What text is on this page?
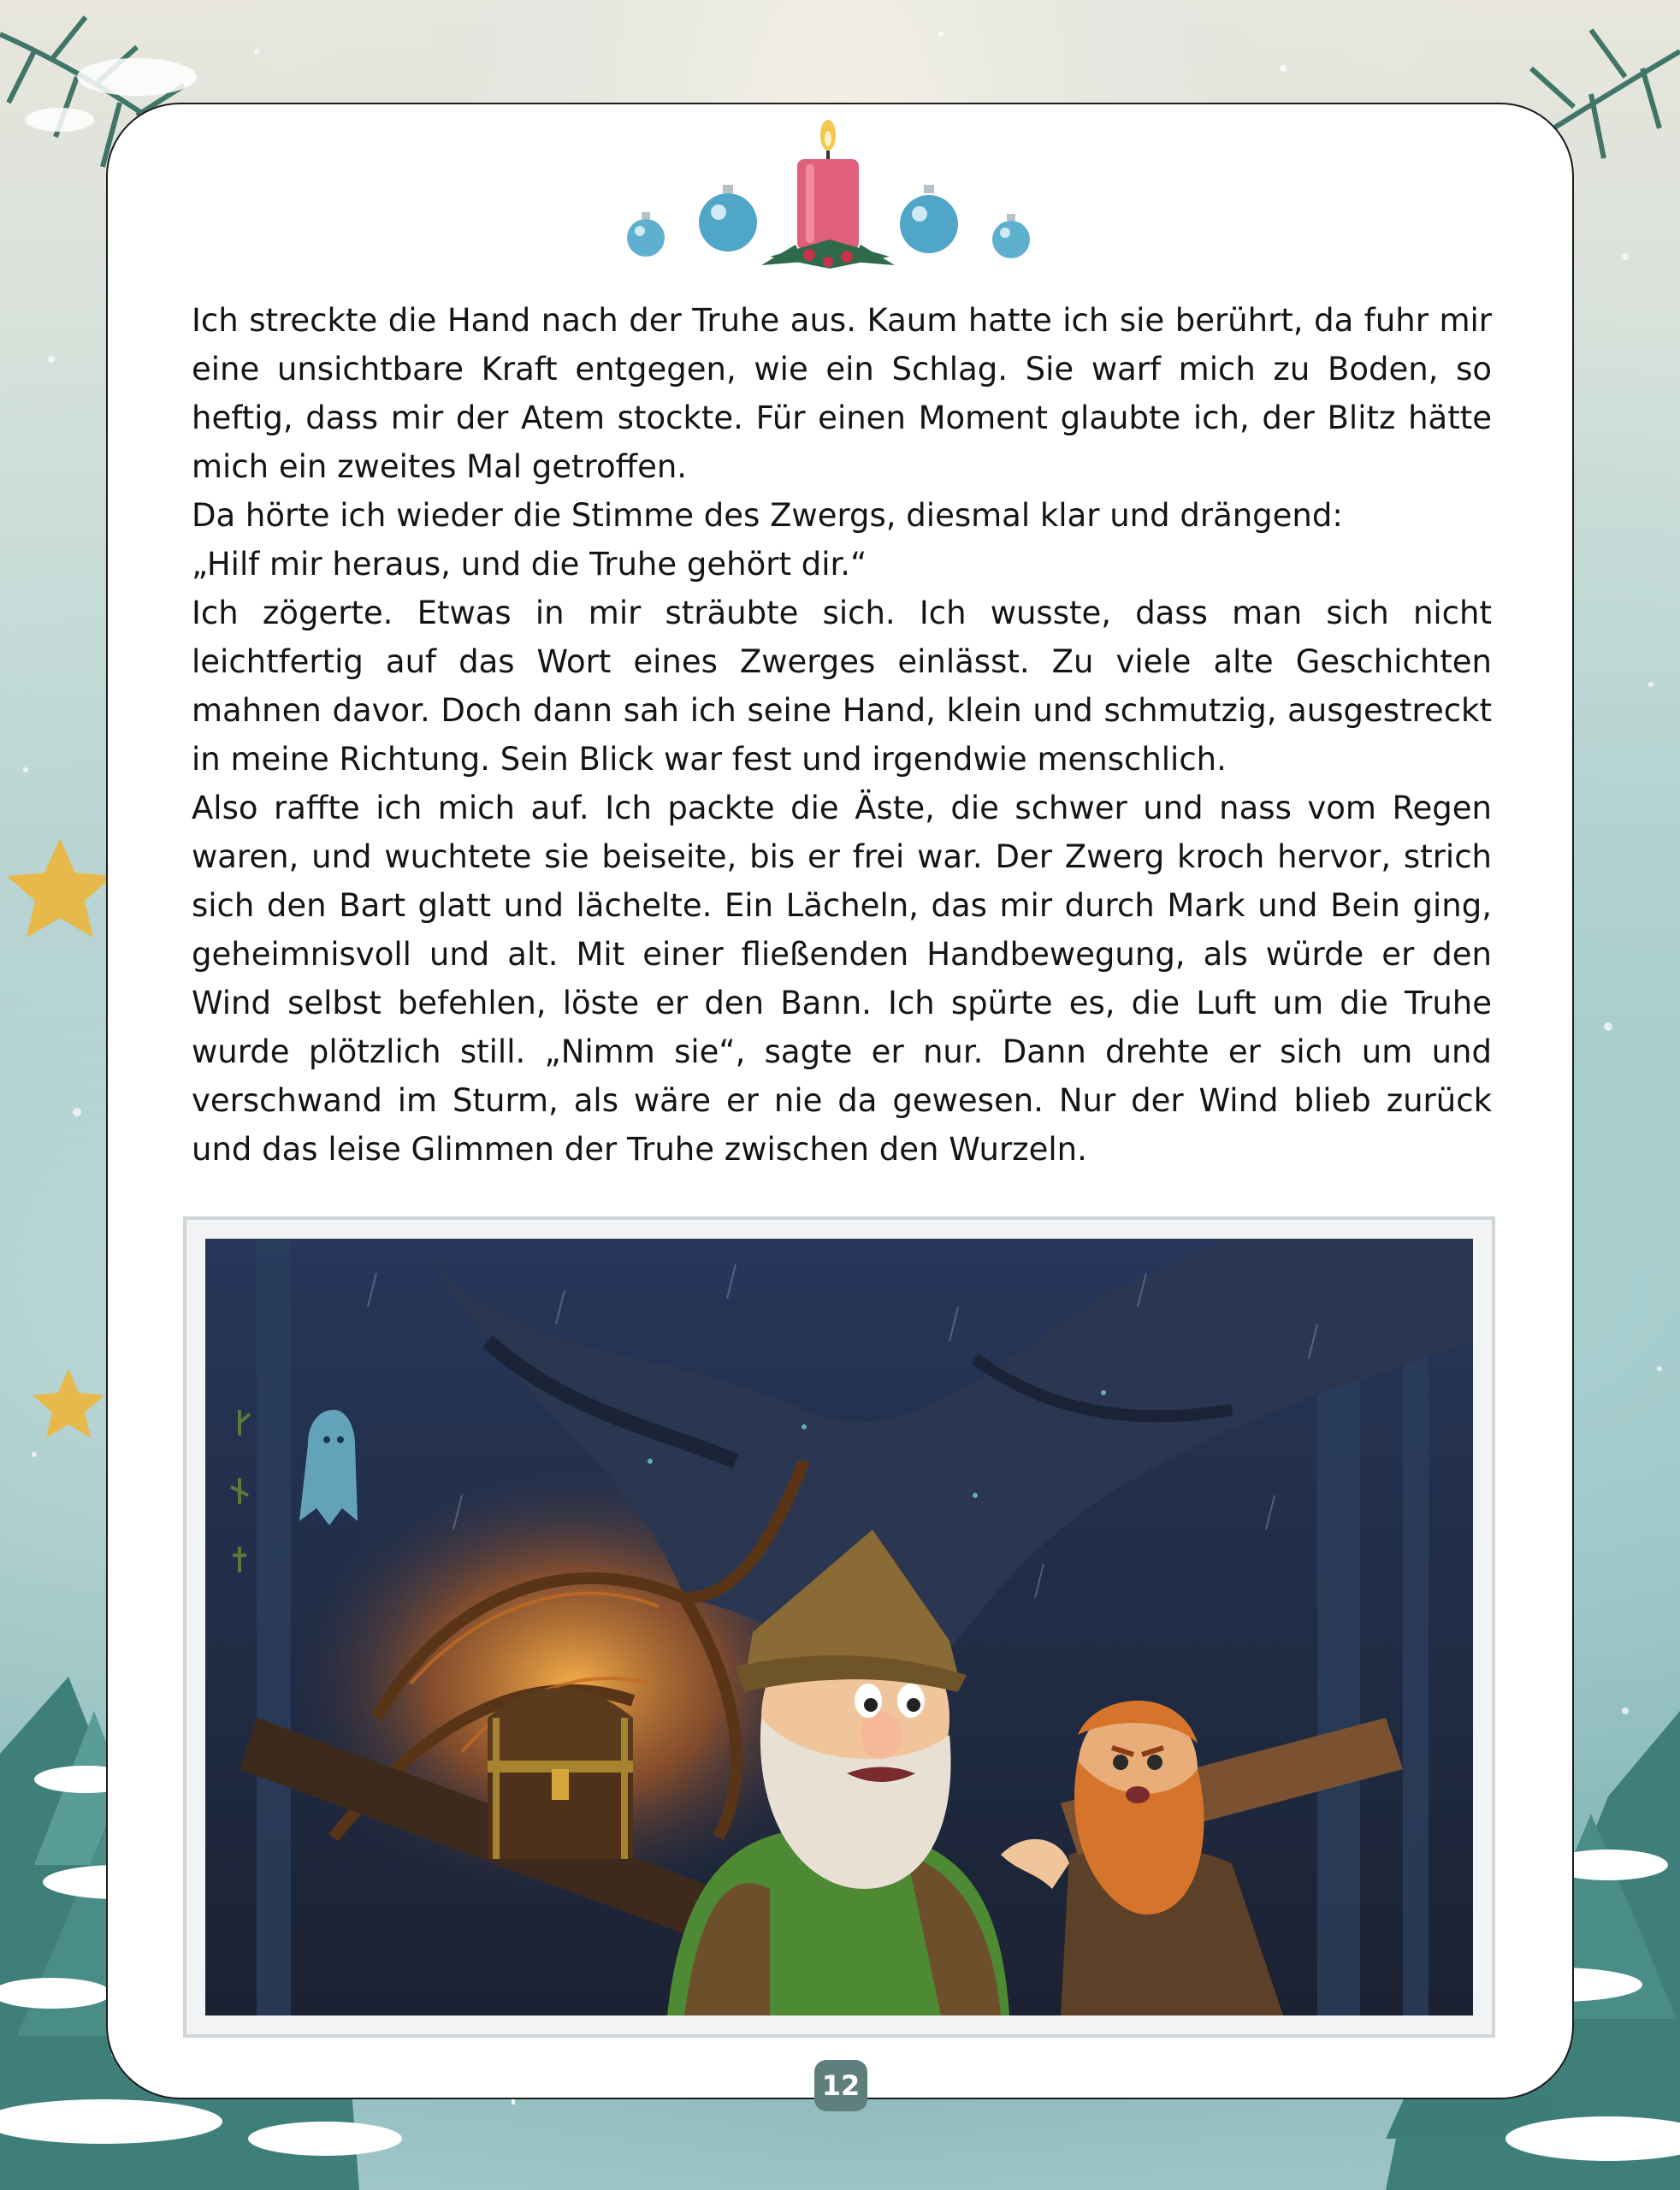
Ich streckte die Hand nach der Truhe aus. Kaum hatte ich sie berührt, da fuhr mir eine unsichtbare Kraft entgegen, wie ein Schlag. Sie warf mich zu Boden, so heftig, dass mir der Atem stockte. Für einen Moment glaubte ich, der Blitz hätte mich ein zweites Mal getroffen.

Da hörte ich wieder die Stimme des Zwergs, diesmal klar und drängend:

„Hilf mir heraus, und die Truhe gehört dir.“

Ich zögerte. Etwas in mir sträubte sich. Ich wusste, dass man sich nicht leichtfertig auf das Wort eines Zwerges einlässt. Zu viele alte Geschichten mahnen davor. Doch dann sah ich seine Hand, klein und schmutzig, ausgestreckt in meine Richtung. Sein Blick war fest und irgendwie menschlich.

Also raffte ich mich auf. Ich packte die Äste, die schwer und nass vom Regen waren, und wuchtete sie beiseite, bis er frei war. Der Zwerg kroch hervor, strich sich den Bart glatt und lächelte. Ein Lächeln, das mir durch Mark und Bein ging, geheimnisvoll und alt. Mit einer fließenden Handbewegung, als würde er den Wind selbst befehlen, löste er den Bann. Ich spürte es, die Luft um die Truhe wurde plötzlich still. „Nimm sie“, sagte er nur. Dann drehte er sich um und verschwand im Sturm, als wäre er nie da gewesen. Nur der Wind blieb zurück und das leise Glimmen der Truhe zwischen den Wurzeln.

12
